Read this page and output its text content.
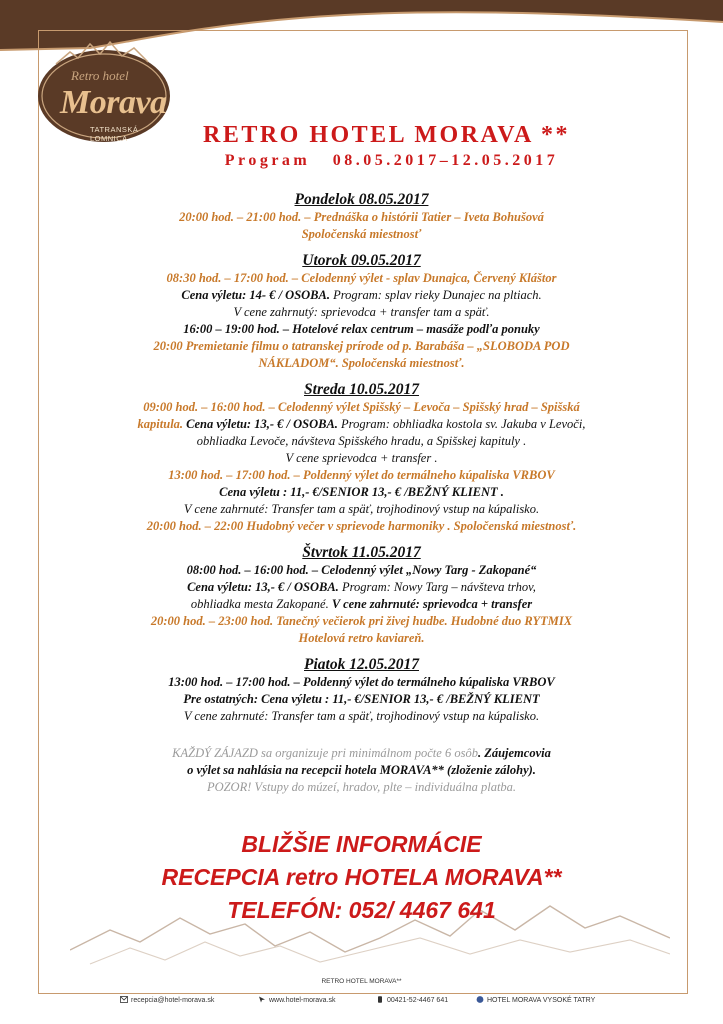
Retro hotel
Morava
TATRANSKÁ LOMNICA	RETRO HOTEL MORAVA **
Program   08.05.2017–12.05.2017
Pondelok 08.05.2017
20:00 hod. – 21:00 hod. – Prednáška o histórii Tatier – Iveta Bohušová
Spoločenská miestnosť
Utorok 09.05.2017
08:30 hod. – 17:00 hod. – Celodenný výlet - splav Dunajca, Červený Kláštor
Cena výletu: 14- € / OSOBA. Program: splav rieky Dunajec na pltiach.
V cene zahrnutý: sprievodca + transfer tam a späť.
16:00 – 19:00 hod. – Hotelové relax centrum – masáže podľa ponuky
20:00 Premietanie filmu o tatranskej prírode od p. Barabáša – „SLOBODA POD
NÁKLADOM“. Spoločenská miestnosť.
Streda 10.05.2017
09:00 hod. – 16:00 hod. – Celodenný výlet Spišský – Levoča – Spišský hrad – Spišská
kapitula. Cena výletu: 13,- € / OSOBA. Program: obhliadka kostola sv. Jakuba v Levoči,
obhliadka Levoče, návšteva Spišského hradu, a Spišskej kapituly .
V cene sprievodca + transfer .
13:00 hod. – 17:00 hod. – Poldenný výlet do termálneho kúpaliska VRBOV
Cena výletu : 11,- €/SENIOR 13,- € /BEŽNÝ KLIENT .
V cene zahrnuté: Transfer tam a späť, trojhodinový vstup na kúpalisko.
20:00 hod. – 22:00 Hudobný večer v sprievode harmoniky . Spoločenská miestnosť.
Štvrtok 11.05.2017
08:00 hod. – 16:00 hod. – Celodenný výlet „Nowy Targ - Zakopané“
Cena výletu: 13,- € / OSOBA. Program: Nowy Targ – návšteva trhov,
obhliadka mesta Zakopané. V cene zahrnuté: sprievodca + transfer
20:00 hod. – 23:00 hod. Tanečný večierok pri živej hudbe. Hudobné duo RYTMIX
Hotelová retro kaviareň.
Piatok 12.05.2017
13:00 hod. – 17:00 hod. – Poldenný výlet do termálneho kúpaliska VRBOV
Pre ostatných: Cena výletu : 11,- €/SENIOR 13,- € /BEŽNÝ KLIENT
V cene zahrnuté: Transfer tam a späť, trojhodinový vstup na kúpalisko.
KAŽDÝ ZÁJAZD sa organizuje pri minimálnom počte 6 osôb. Záujemcovia
o výlet sa nahlásia na recepcii hotela MORAVA** (zloženie zálohy).
POZOR! Vstupy do múzeí, hradov, plte – individuálna platba.
BLIŽŠIE INFORMÁCIE
RECEPCIA retro HOTELA MORAVA**
TELEFÓN: 052/ 4467 641
RETRO HOTEL MORAVA**
recepcia@hotel-morava.sk	www.hotel-morava.sk	00421-52-4467 641	HOTEL MORAVA VYSOKÉ TATRY
